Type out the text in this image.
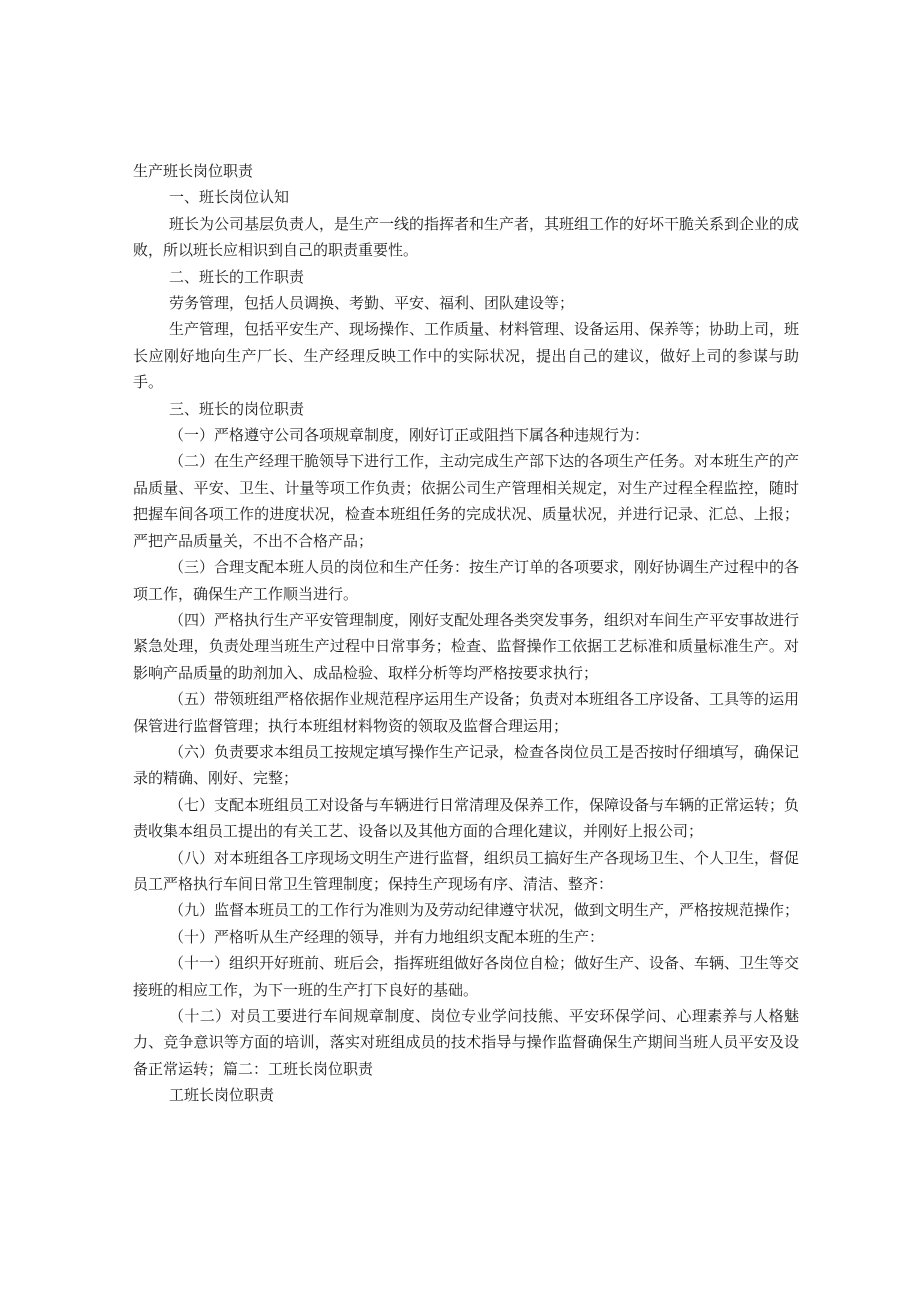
生产班长岗位职责

一、班长岗位认知

班长为公司基层负责人，是生产一线的指挥者和生产者，其班组工作的好坏干脆关系到企业的成败，所以班长应相识到自己的职责重要性。

二、班长的工作职责

劳务管理，包括人员调换、考勤、平安、福利、团队建设等；

生产管理，包括平安生产、现场操作、工作质量、材料管理、设备运用、保养等；协助上司，班长应刚好地向生产厂长、生产经理反映工作中的实际状况，提出自己的建议，做好上司的参谋与助手。

三、班长的岗位职责

（一）严格遵守公司各项规章制度，刚好订正或阻挡下属各种违规行为：

（二）在生产经理干脆领导下进行工作，主动完成生产部下达的各项生产任务。对本班生产的产品质量、平安、卫生、计量等项工作负责；依据公司生产管理相关规定，对生产过程全程监控，随时把握车间各项工作的进度状况，检查本班组任务的完成状况、质量状况，并进行记录、汇总、上报；严把产品质量关，不出不合格产品；

（三）合理支配本班人员的岗位和生产任务：按生产订单的各项要求，刚好协调生产过程中的各项工作，确保生产工作顺当进行。

（四）严格执行生产平安管理制度，刚好支配处理各类突发事务，组织对车间生产平安事故进行紧急处理，负责处理当班生产过程中日常事务；检查、监督操作工依据工艺标准和质量标准生产。对影响产品质量的助剂加入、成品检验、取样分析等均严格按要求执行；

（五）带领班组严格依据作业规范程序运用生产设备；负责对本班组各工序设备、工具等的运用保管进行监督管理；执行本班组材料物资的领取及监督合理运用；

（六）负责要求本组员工按规定填写操作生产记录，检查各岗位员工是否按时仔细填写，确保记录的精确、刚好、完整；

（七）支配本班组员工对设备与车辆进行日常清理及保养工作，保障设备与车辆的正常运转；负责收集本组员工提出的有关工艺、设备以及其他方面的合理化建议，并刚好上报公司；

（八）对本班组各工序现场文明生产进行监督，组织员工搞好生产各现场卫生、个人卫生，督促员工严格执行车间日常卫生管理制度；保持生产现场有序、清洁、整齐：

（九）监督本班员工的工作行为准则为及劳动纪律遵守状况，做到文明生产，严格按规范操作；

（十）严格听从生产经理的领导，并有力地组织支配本班的生产：

（十一）组织开好班前、班后会，指挥班组做好各岗位自检；做好生产、设备、车辆、卫生等交接班的相应工作，为下一班的生产打下良好的基础。

（十二）对员工要进行车间规章制度、岗位专业学问技熊、平安环保学问、心理素养与人格魅力、竞争意识等方面的培训，落实对班组成员的技术指导与操作监督确保生产期间当班人员平安及设备正常运转；篇二：工班长岗位职责

工班长岗位职责
